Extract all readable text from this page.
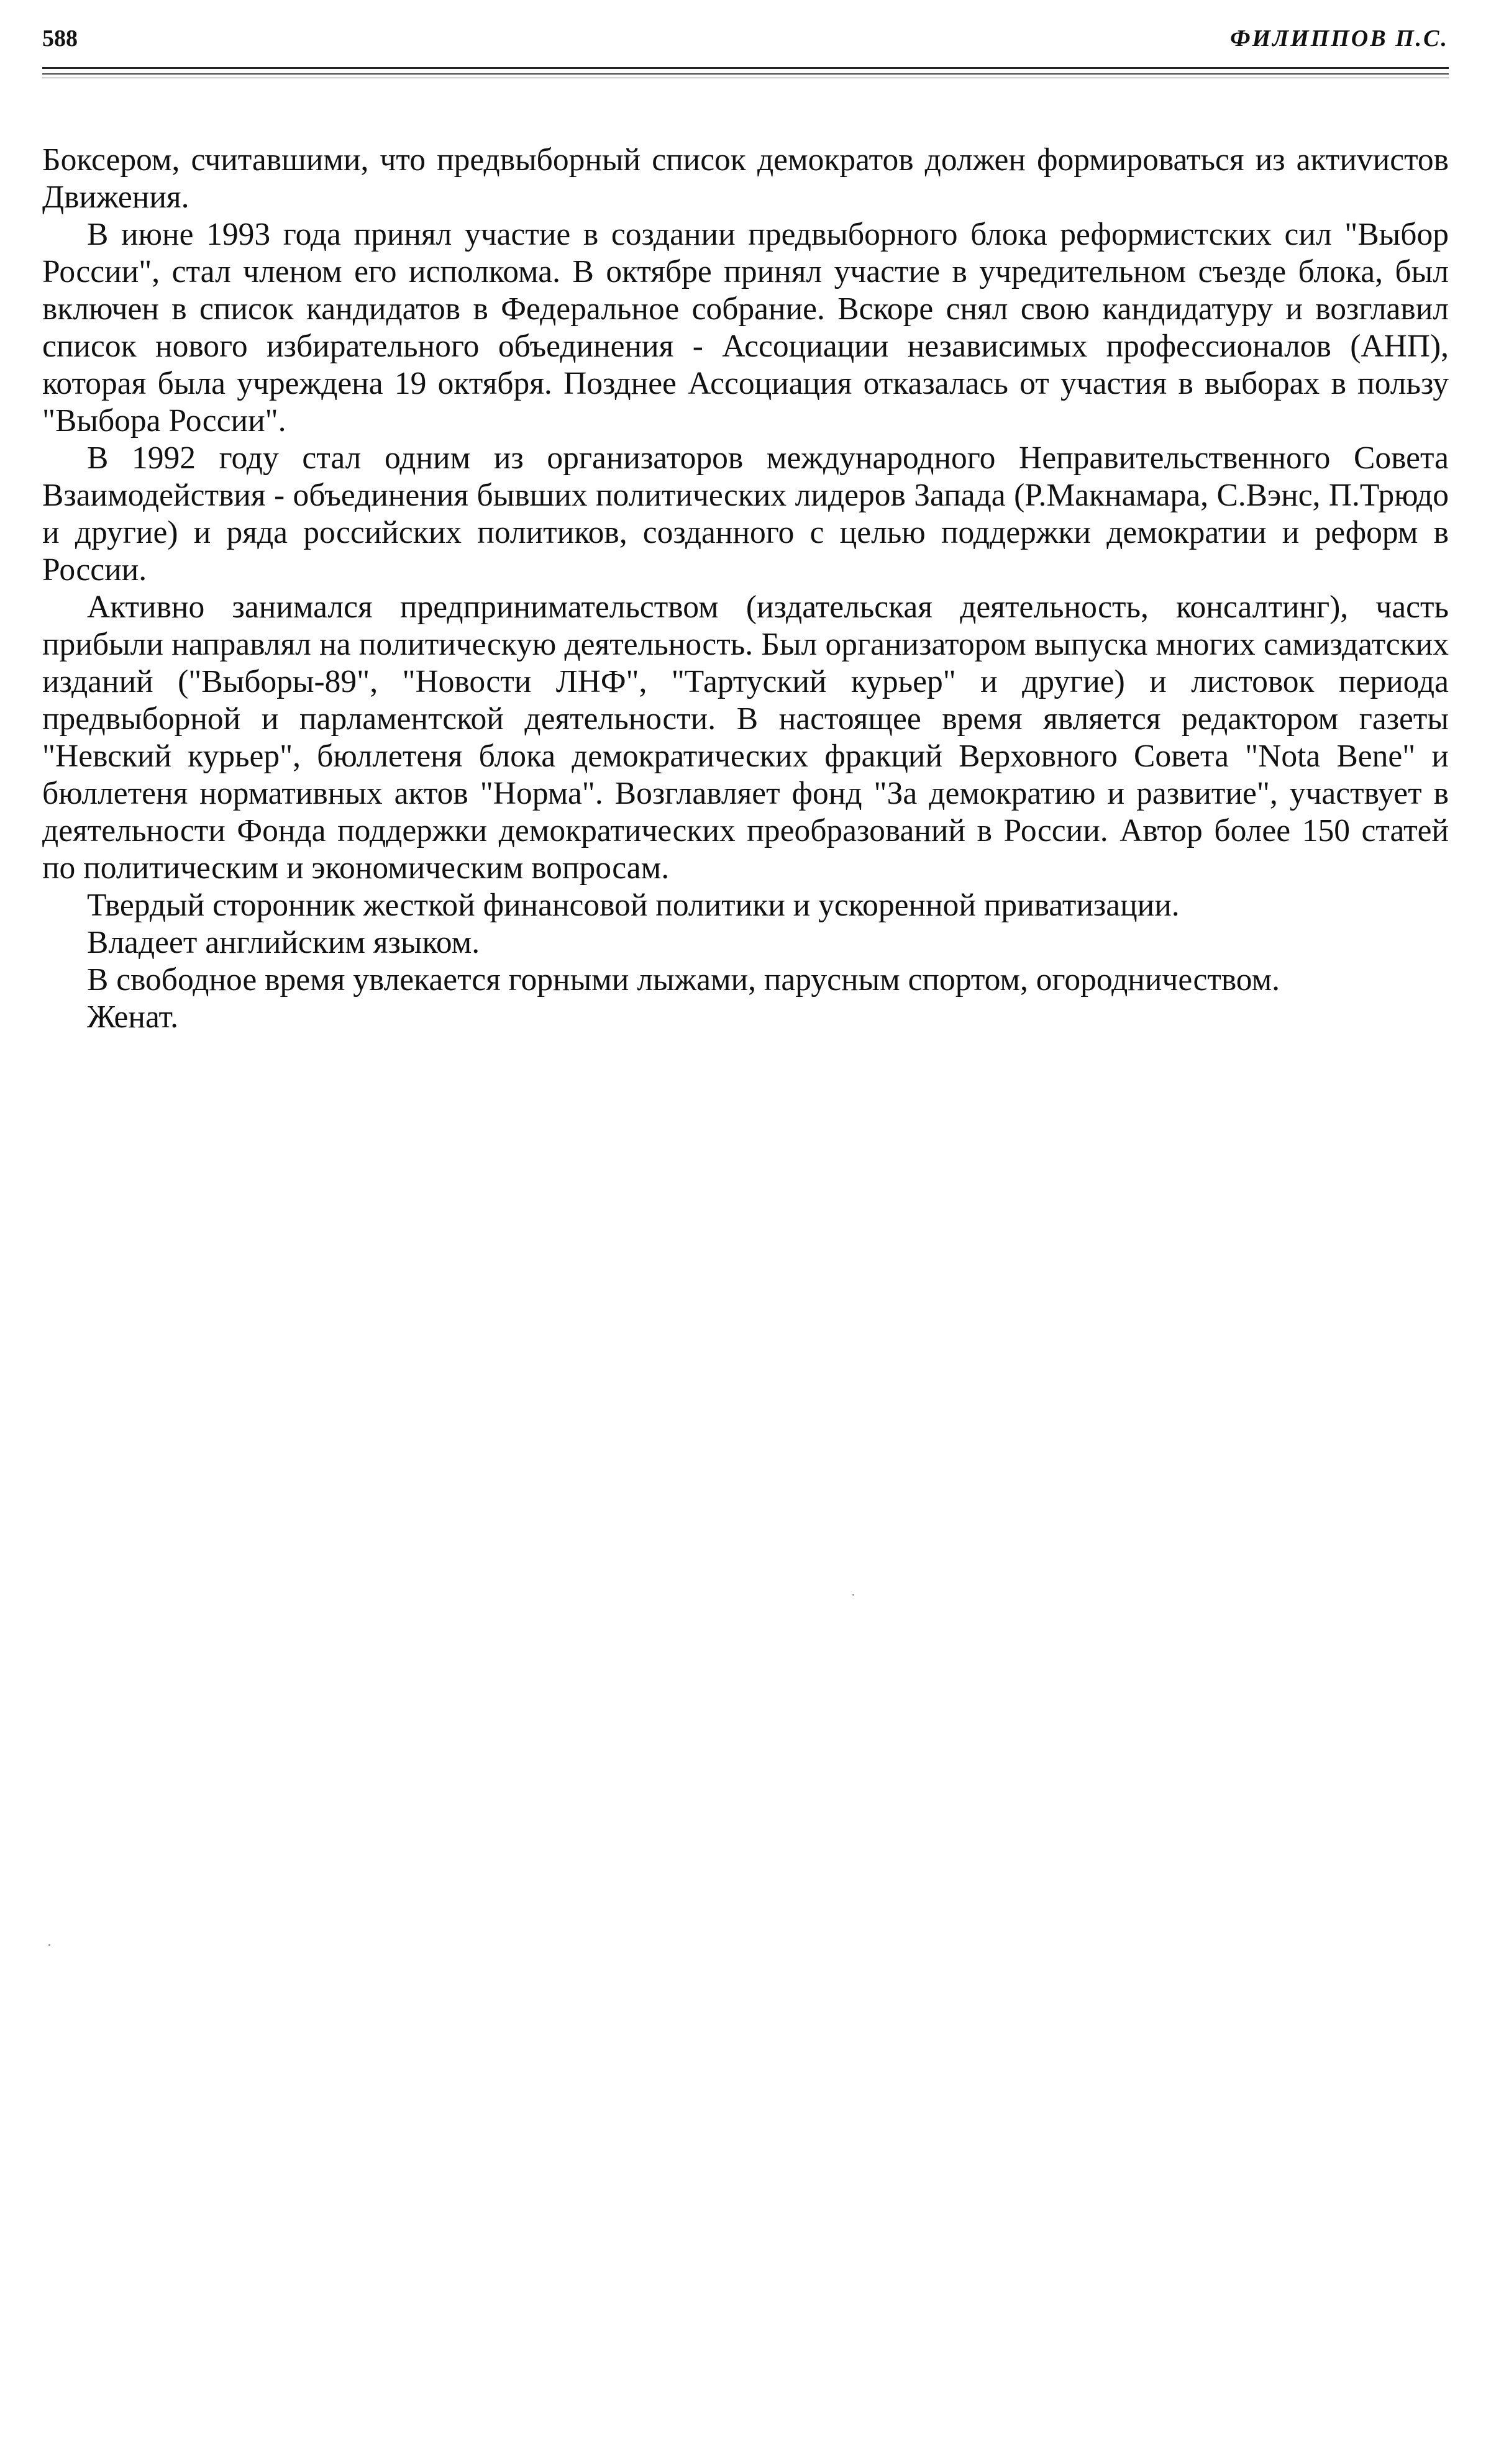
588	ФИЛИППОВ П.С.

Боксером, считавшими, что предвыборный список демократов должен формироваться из актиvистов Движения.

В июне 1993 года принял участие в создании предвыборного блока реформистских сил "Выбор России", стал членом его исполкома. В октябре принял участие в учредительном съезде блока, был включен в список кандидатов в Федеральное собрание. Вскоре снял свою кандидатуру и возглавил список нового избирательного объединения - Ассоциации независимых профессионалов (АНП), которая была учреждена 19 октября. Позднее Ассоциация отказалась от участия в выборах в пользу "Выбора России".

В 1992 году стал одним из организаторов международного Неправительственного Совета Взаимодействия - объединения бывших политических лидеров Запада (Р.Макнамара, С.Вэнс, П.Трюдо и другие) и ряда российских политиков, созданного с целью поддержки демократии и реформ в России.

Активно занимался предпринимательством (издательская деятельность, консалтинг), часть прибыли направлял на политическую деятельность. Был организатором выпуска многих самиздатских изданий ("Выборы-89", "Новости ЛНФ", "Тартуский курьер" и другие) и листовок периода предвыборной и парламентской деятельности. В настоящее время является редактором газеты "Невский курьер", бюллетеня блока демократических фракций Верховного Совета "Nota Bene" и бюллетеня нормативных актов "Норма". Возглавляет фонд "За демократию и развитие", участвует в деятельности Фонда поддержки демократических преобразований в России. Автор более 150 статей по политическим и экономическим вопросам.

Твердый сторонник жесткой финансовой политики и ускоренной приватизации.

Владеет английским языком.

В свободное время увлекается горными лыжами, парусным спортом, огородничеством.

Женат.
